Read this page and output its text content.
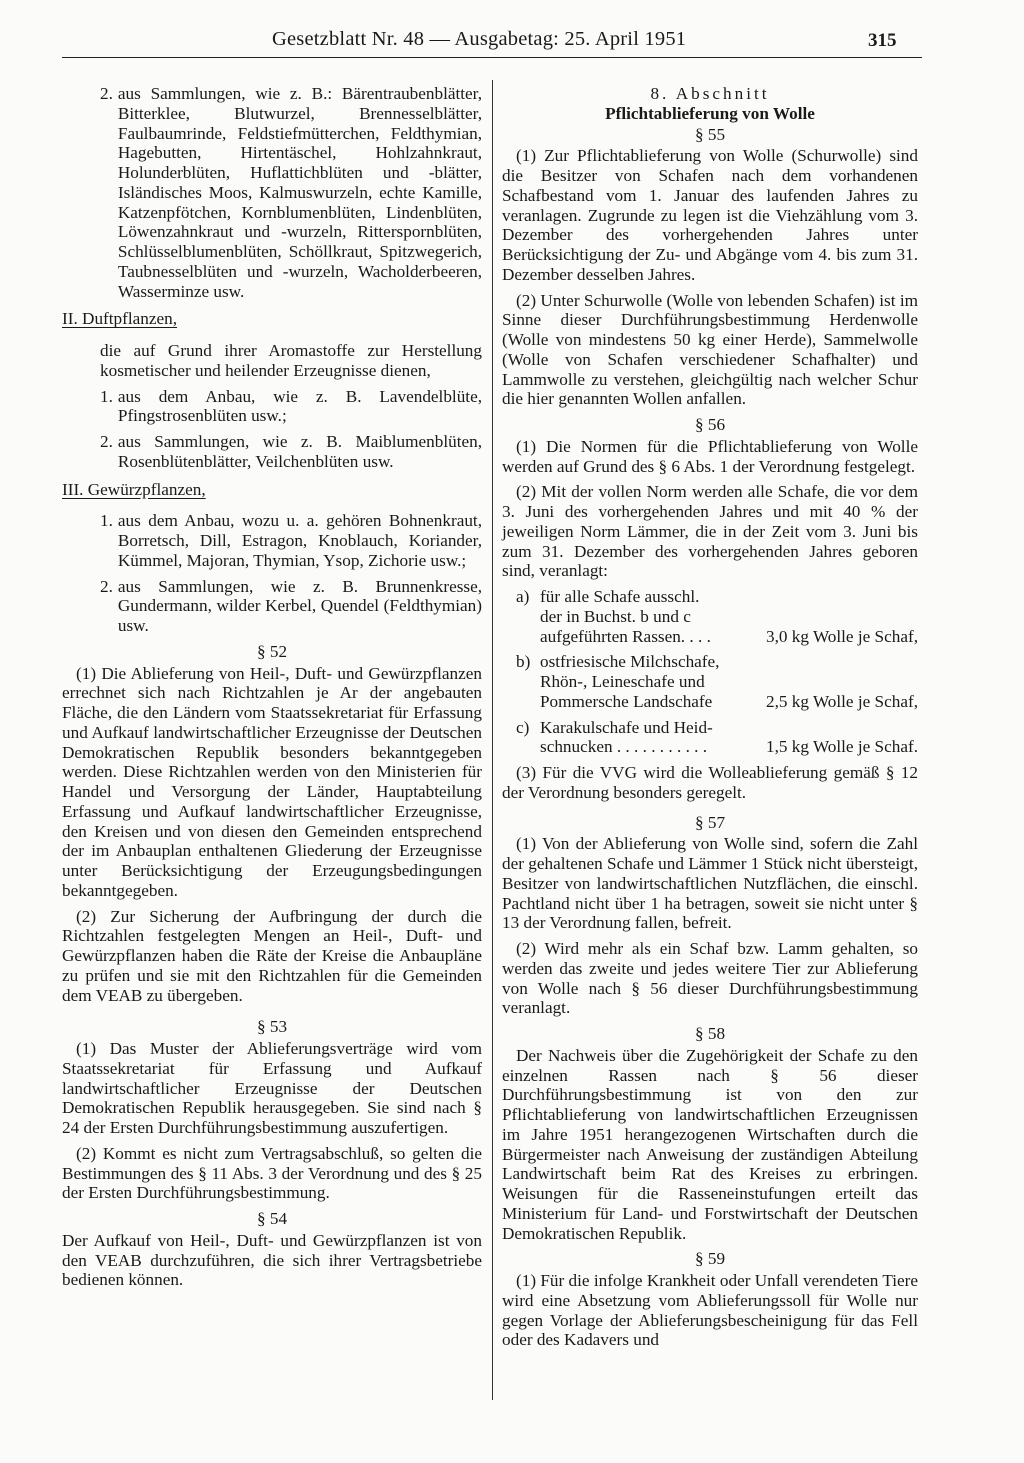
Gesetzblatt Nr. 48 — Ausgabetag: 25. April 1951	315
2. aus Sammlungen, wie z. B.: Bärentraubenblätter, Bitterklee, Blutwurzel, Brennesselblätter, Faulbaumrinde, Feldstiefmütterchen, Feldthymian, Hagebutten, Hirtentäschel, Hohlzahnkraut, Holunderblüten, Huflattichblüten und -blätter, Isländisches Moos, Kalmuswurzeln, echte Kamille, Katzenpfötchen, Kornblumenblüten, Lindenblüten, Löwenzahnkraut und -wurzeln, Ritterspornblüten, Schlüsselblumenblüten, Schöllkraut, Spitzwegerich, Taubnesselblüten und -wurzeln, Wacholderbeeren, Wasserminze usw.
II. Duftpflanzen,

die auf Grund ihrer Aromastoffe zur Herstellung kosmetischer und heilender Erzeugnisse dienen,

1. aus dem Anbau, wie z. B. Lavendelblüte, Pfingstrosenblüten usw.;
2. aus Sammlungen, wie z. B. Maiblumenblüten, Rosenblütenblätter, Veilchenblüten usw.
III. Gewürzpflanzen,
1. aus dem Anbau, wozu u. a. gehören Bohnenkraut, Borretsch, Dill, Estragon, Knoblauch, Koriander, Kümmel, Majoran, Thymian, Ysop, Zichorie usw.;
2. aus Sammlungen, wie z. B. Brunnenkresse, Gundermann, wilder Kerbel, Quendel (Feldthymian) usw.

§ 52

(1) Die Ablieferung von Heil-, Duft- und Gewürzpflanzen errechnet sich nach Richtzahlen je Ar der angebauten Fläche, die den Ländern vom Staatssekretariat für Erfassung und Aufkauf landwirtschaftlicher Erzeugnisse der Deutschen Demokratischen Republik besonders bekanntgegeben werden. Diese Richtzahlen werden von den Ministerien für Handel und Versorgung der Länder, Hauptabteilung Erfassung und Aufkauf landwirtschaftlicher Erzeugnisse, den Kreisen und von diesen den Gemeinden entsprechend der im Anbauplan enthaltenen Gliederung der Erzeugnisse unter Berücksichtigung der Erzeugungsbedingungen bekanntgegeben.

(2) Zur Sicherung der Aufbringung der durch die Richtzahlen festgelegten Mengen an Heil-, Duft- und Gewürzpflanzen haben die Räte der Kreise die Anbaupläne zu prüfen und sie mit den Richtzahlen für die Gemeinden dem VEAB zu übergeben.

§ 53

(1) Das Muster der Ablieferungsverträge wird vom Staatssekretariat für Erfassung und Aufkauf landwirtschaftlicher Erzeugnisse der Deutschen Demokratischen Republik herausgegeben. Sie sind nach § 24 der Ersten Durchführungsbestimmung auszufertigen.

(2) Kommt es nicht zum Vertragsabschluß, so gelten die Bestimmungen des § 11 Abs. 3 der Verordnung und des § 25 der Ersten Durchführungsbestimmung.

§ 54

Der Aufkauf von Heil-, Duft- und Gewürzpflanzen ist von den VEAB durchzuführen, die sich ihrer Vertragsbetriebe bedienen können.

8. Abschnitt

Pflichtablieferung von Wolle

§ 55

(1) Zur Pflichtablieferung von Wolle (Schurwolle) sind die Besitzer von Schafen nach dem vorhandenen Schafbestand vom 1. Januar des laufenden Jahres zu veranlagen. Zugrunde zu legen ist die Viehzählung vom 3. Dezember des vorhergehenden Jahres unter Berücksichtigung der Zu- und Abgänge vom 4. bis zum 31. Dezember desselben Jahres.

(2) Unter Schurwolle (Wolle von lebenden Schafen) ist im Sinne dieser Durchführungsbestimmung Herdenwolle (Wolle von mindestens 50 kg einer Herde), Sammelwolle (Wolle von Schafen verschiedener Schafhalter) und Lammwolle zu verstehen, gleichgültig nach welcher Schur die hier genannten Wollen anfallen.

§ 56

(1) Die Normen für die Pflichtablieferung von Wolle werden auf Grund des § 6 Abs. 1 der Verordnung festgelegt.

(2) Mit der vollen Norm werden alle Schafe, die vor dem 3. Juni des vorhergehenden Jahres und mit 40 % der jeweiligen Norm Lämmer, die in der Zeit vom 3. Juni bis zum 31. Dezember des vorhergehenden Jahres geboren sind, veranlagt:

a)	für alle Schafe ausschl.
der in Buchst. b und c
aufgeführten Rassen. . . .	3,0 kg Wolle je Schaf,
b)	ostfriesische Milchschafe,
Rhön-, Leineschafe und
Pommersche Landschafe	2,5 kg Wolle je Schaf,
c)	Karakulschafe und Heid-
schnucken . . . . . . . . . . .	1,5 kg Wolle je Schaf.

(3) Für die VVG wird die Wolleablieferung gemäß § 12 der Verordnung besonders geregelt.

§ 57

(1) Von der Ablieferung von Wolle sind, sofern die Zahl der gehaltenen Schafe und Lämmer 1 Stück nicht übersteigt, Besitzer von landwirtschaftlichen Nutzflächen, die einschl. Pachtland nicht über 1 ha betragen, soweit sie nicht unter § 13 der Verordnung fallen, befreit.

(2) Wird mehr als ein Schaf bzw. Lamm gehalten, so werden das zweite und jedes weitere Tier zur Ablieferung von Wolle nach § 56 dieser Durchführungsbestimmung veranlagt.

§ 58

Der Nachweis über die Zugehörigkeit der Schafe zu den einzelnen Rassen nach § 56 dieser Durchführungsbestimmung ist von den zur Pflichtablieferung von landwirtschaftlichen Erzeugnissen im Jahre 1951 herangezogenen Wirtschaften durch die Bürgermeister nach Anweisung der zuständigen Abteilung Landwirtschaft beim Rat des Kreises zu erbringen. Weisungen für die Rasseneinstufungen erteilt das Ministerium für Land- und Forstwirtschaft der Deutschen Demokratischen Republik.

§ 59

(1) Für die infolge Krankheit oder Unfall verendeten Tiere wird eine Absetzung vom Ablieferungssoll für Wolle nur gegen Vorlage der Ablieferungsbescheinigung für das Fell oder des Kadavers und
